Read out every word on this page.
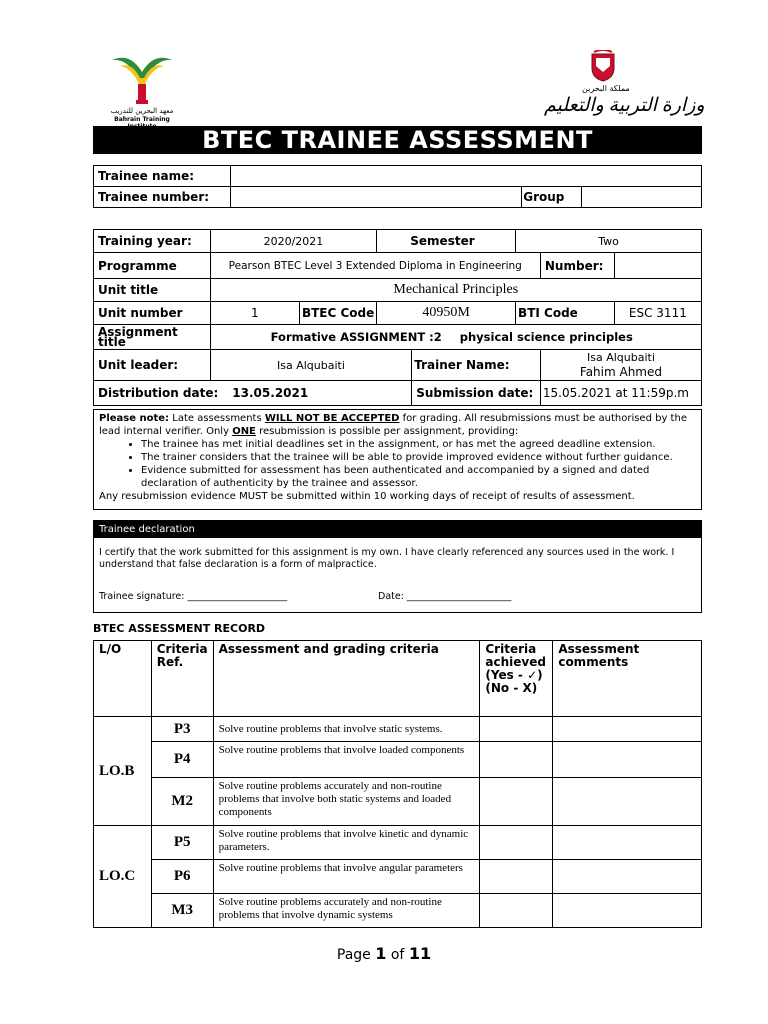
معهد البحرين للتدريب
Bahrain Training
مملكة البحرين
وزارة التربية والتعليم
BTEC TRAINEE ASSESSMENT
Trainee name:			
Trainee number:		Group	
Training year:	2020/2021		Semester		Two		
Programme	Pearson BTEC Level 3 Extended Diploma in Engineering					Number:	
Unit title	Mechanical Principles						
Unit number	1	BTEC Code	40950M		BTI Code		ESC 3111
Assignment title	Formative ASSIGNMENT :2 physical science principles						
Unit leader:	Isa Alqubaiti			Trainer Name:		Isa Alqubaiti
Fahim Ahmed	

Distribution date: 13.05.2021				Submission date:		15.05.2021 at 11:59p.m	
Please note: Late assessments WILL NOT BE ACCEPTED for grading. All resubmissions must be authorised by the lead internal verifier. Only ONE resubmission is possible per assignment, providing:
• The trainee has met initial deadlines set in the assignment, or has met the agreed deadline extension.
• The trainer considers that the trainee will be able to provide improved evidence without further guidance.
• Evidence submitted for assessment has been authenticated and accompanied by a signed and dated declaration of authenticity by the trainee and assessor.
Any resubmission evidence MUST be submitted within 10 working days of receipt of results of assessment.
Trainee declaration
I certify that the work submitted for this assignment is my own. I have clearly referenced any sources used in the work. I understand that false declaration is a form of malpractice.
Trainee signature: _____________________	Date: ______________________
BTEC ASSESSMENT RECORD
L/O	Criteria Ref.	Assessment and grading criteria	Criteria achieved (Yes - ✓) (No - X)	Assessment comments
LO.B	P3	Solve routine problems that involve static systems.		
	P4	Solve routine problems that involve loaded components		
	M2	Solve routine problems accurately and non-routine problems that involve both static systems and loaded components		
LO.C	P5	Solve routine problems that involve kinetic and dynamic parameters.		
	P6	Solve routine problems that involve angular parameters		
	M3	Solve routine problems accurately and non-routine problems that involve dynamic systems		
Page 1 of 11
